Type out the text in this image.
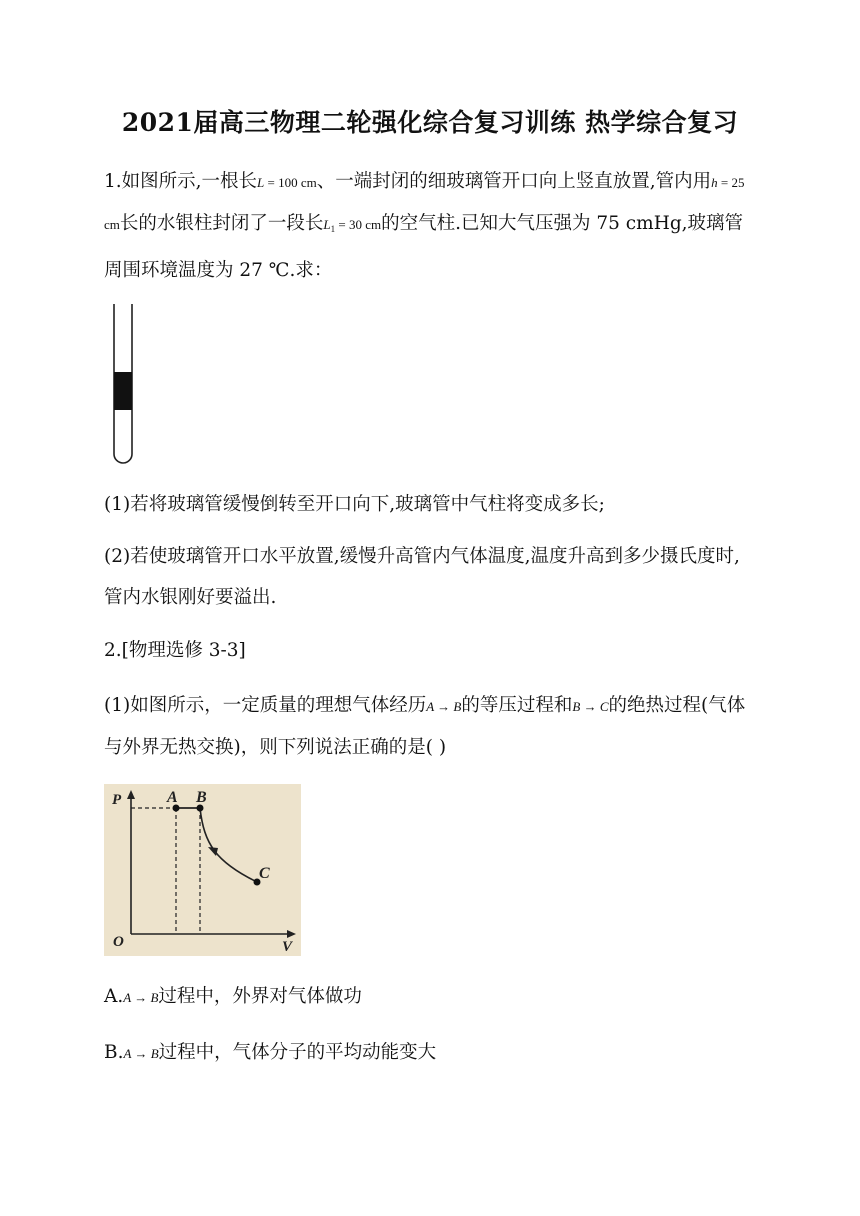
2021届高三物理二轮强化综合复习训练 热学综合复习
1.如图所示,一根长L = 100 cm、一端封闭的细玻璃管开口向上竖直放置,管内用h = 25 cm长的水银柱封闭了一段长$L_1 = 30$ cm的空气柱.已知大气压强为 75 cmHg,玻璃管周围环境温度为 27 ℃.求：
(1)若将玻璃管缓慢倒转至开口向下,玻璃管中气柱将变成多长;
(2)若使玻璃管开口水平放置,缓慢升高管内气体温度,温度升高到多少摄氏度时,管内水银刚好要溢出.
2.[物理选修 3-3]
(1)如图所示，一定质量的理想气体经历A → B的等压过程和B → C的绝热过程(气体与外界无热交换)，则下列说法正确的是( )
P
V
O
A B
C
A.A → B过程中，外界对气体做功
B.A → B过程中，气体分子的平均动能变大
